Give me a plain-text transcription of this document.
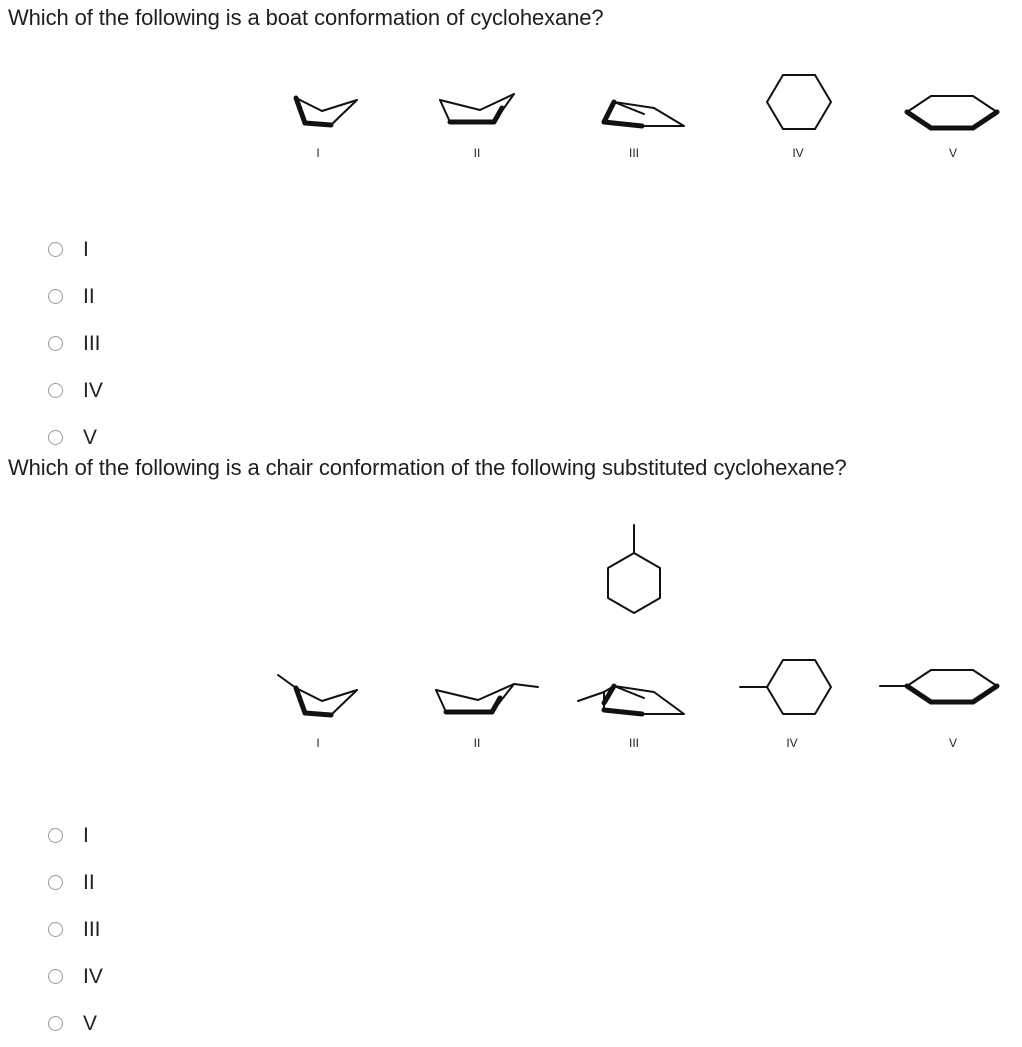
Which of the following is a boat conformation of cyclohexane?
I	II	III	IV	V
I
II
III
IV
V
Which of the following is a chair conformation of the following substituted cyclohexane?
I	II	III	IV	V
I
II
III
IV
V
